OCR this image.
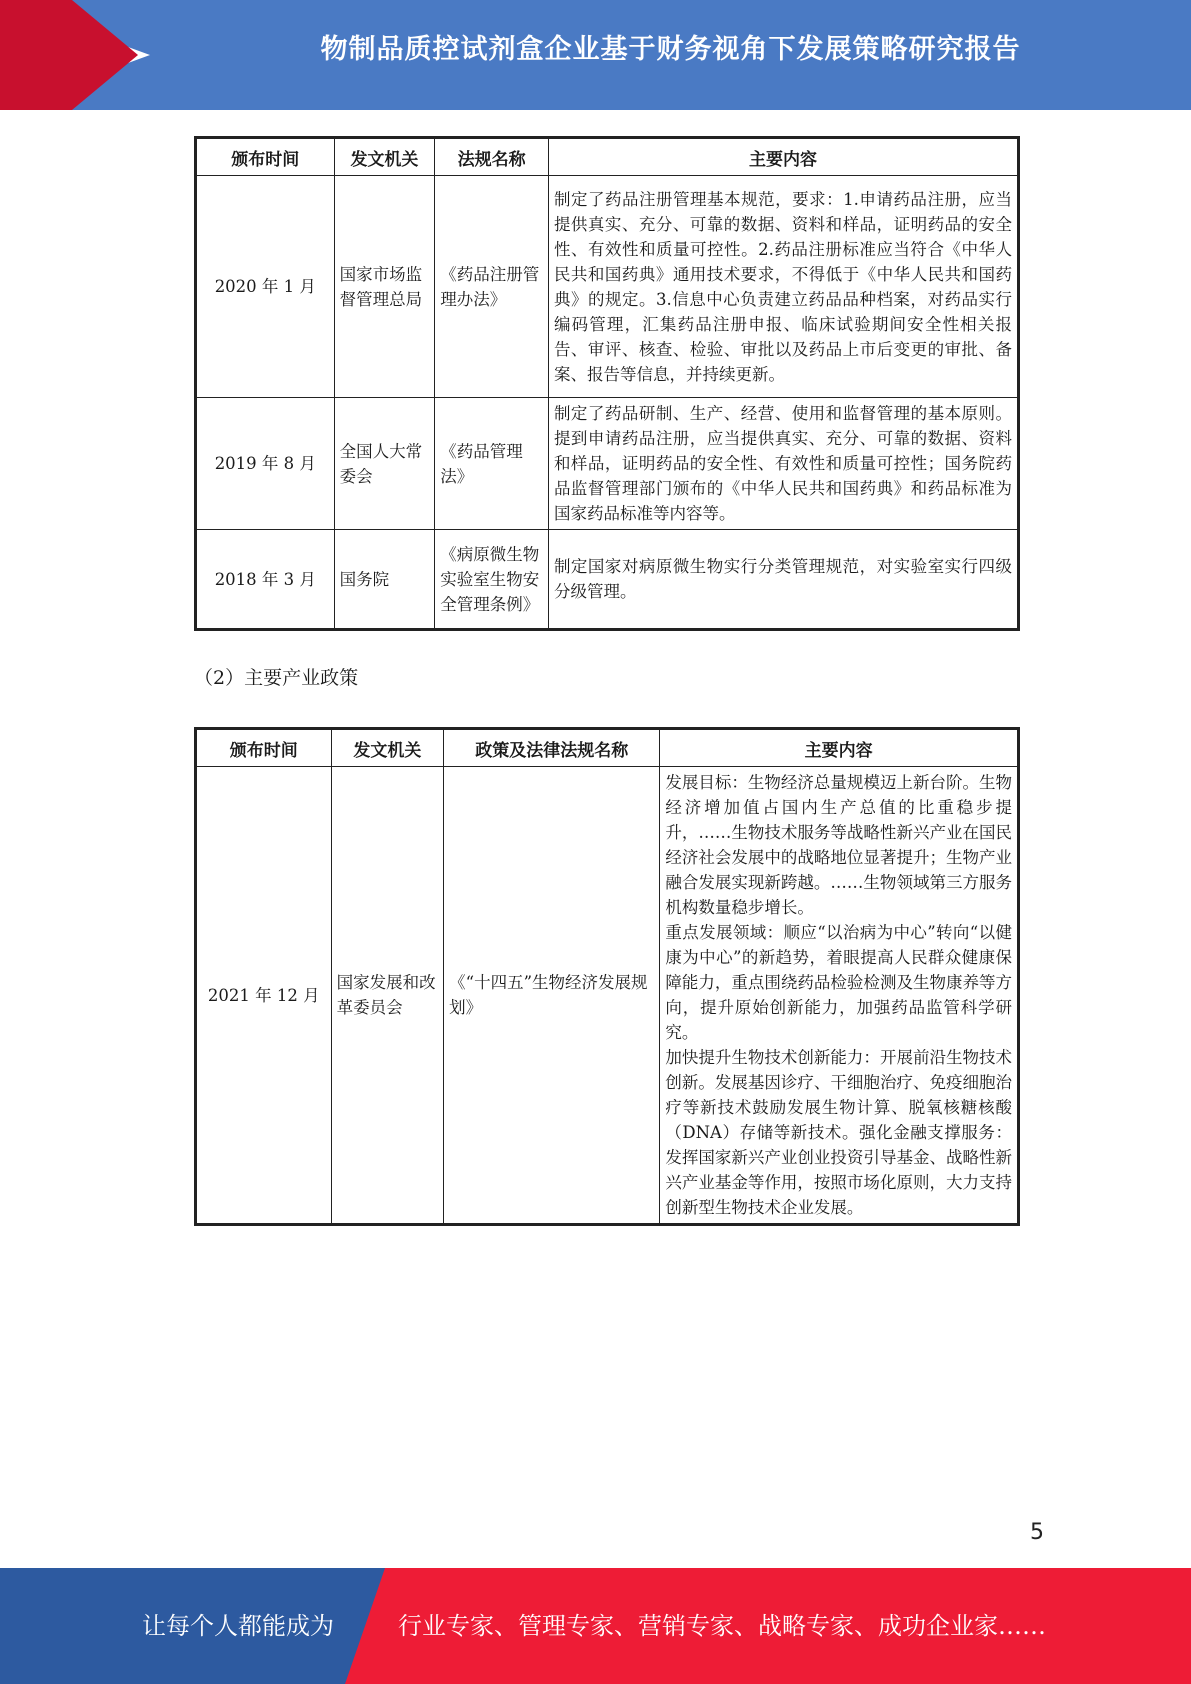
物制品质控试剂盒企业基于财务视角下发展策略研究报告
颁布时间	发文机关	法规名称	主要内容
2020 年 1 月	国家市场监督管理总局	《药品注册管理办法》	制定了药品注册管理基本规范，要求：1.申请药品注册，应当提供真实、充分、可靠的数据、资料和样品，证明药品的安全性、有效性和质量可控性。2.药品注册标准应当符合《中华人民共和国药典》通用技术要求，不得低于《中华人民共和国药典》的规定。3.信息中心负责建立药品品种档案，对药品实行编码管理，汇集药品注册申报、临床试验期间安全性相关报告、审评、核查、检验、审批以及药品上市后变更的审批、备案、报告等信息，并持续更新。
2019 年 8 月	全国人大常委会	《药品管理法》	制定了药品研制、生产、经营、使用和监督管理的基本原则。提到申请药品注册，应当提供真实、充分、可靠的数据、资料和样品，证明药品的安全性、有效性和质量可控性；国务院药品监督管理部门颁布的《中华人民共和国药典》和药品标准为国家药品标准等内容等。
2018 年 3 月	国务院	《病原微生物实验室生物安全管理条例》	制定国家对病原微生物实行分类管理规范，对实验室实行四级分级管理。
（2）主要产业政策
颁布时间	发文机关	政策及法律法规名称	主要内容
2021 年 12 月	国家发展和改革委员会	《“十四五”生物经济发展规划》	发展目标：生物经济总量规模迈上新台阶。生物经济增加值占国内生产总值的比重稳步提升，……生物技术服务等战略性新兴产业在国民经济社会发展中的战略地位显著提升；生物产业融合发展实现新跨越。……生物领域第三方服务机构数量稳步增长。
重点发展领域：顺应“以治病为中心”转向“以健康为中心”的新趋势，着眼提高人民群众健康保障能力，重点围绕药品检验检测及生物康养等方向，提升原始创新能力，加强药品监管科学研究。
加快提升生物技术创新能力：开展前沿生物技术创新。发展基因诊疗、干细胞治疗、免疫细胞治疗等新技术鼓励发展生物计算、脱氧核糖核酸（DNA）存储等新技术。强化金融支撑服务：发挥国家新兴产业创业投资引导基金、战略性新兴产业基金等作用，按照市场化原则，大力支持创新型生物技术企业发展。
5
让每个人都能成为	行业专家、管理专家、营销专家、战略专家、成功企业家……
